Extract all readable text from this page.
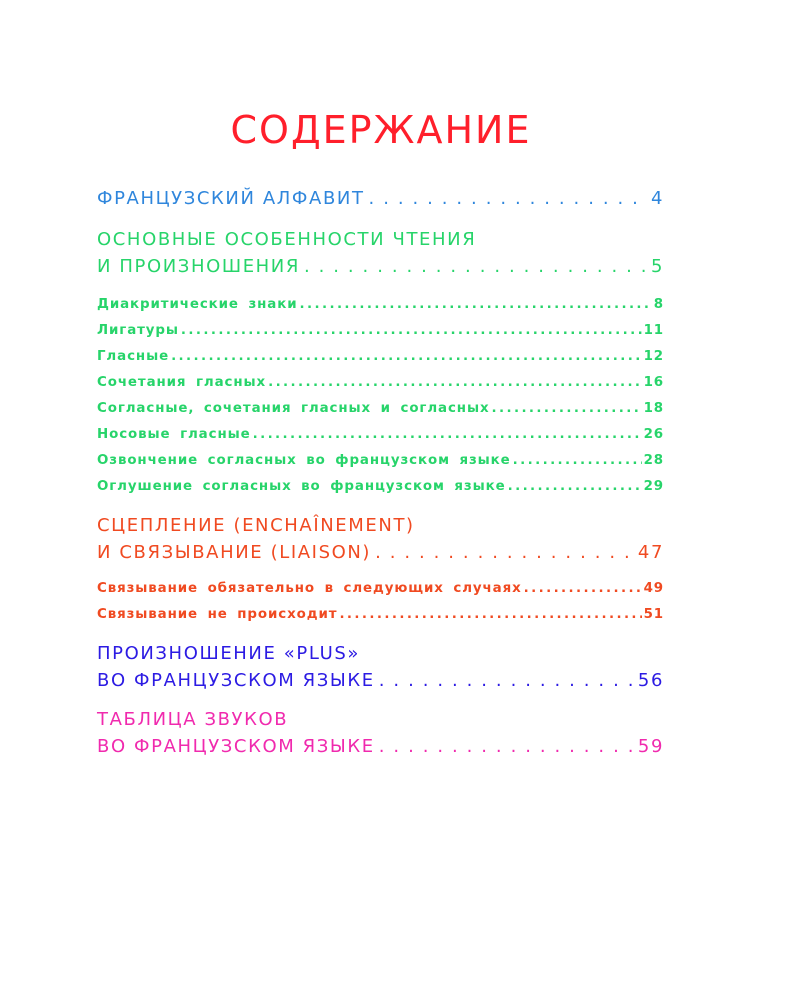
СОДЕРЖАНИЕ
ФРАНЦУЗСКИЙ АЛФАВИТ . . .	4
ОСНОВНЫЕ ОСОБЕННОСТИ ЧТЕНИЯ
И ПРОИЗНОШЕНИЯ . . .	5
Диакритические знаки .....	8
Лигатуры .....	11
Гласные .....	12
Сочетания гласных .....	16
Согласные, сочетания гласных и согласных .....	18
Носовые гласные .....	26
Озвончение согласных во французском языке .....	28
Оглушение согласных во французском языке .....	29
СЦЕПЛЕНИЕ (ENCHAÎNEMENT)
И СВЯЗЫВАНИЕ (LIAISON) . . .	47
Связывание обязательно в следующих случаях .....	49
Связывание не происходит .....	51
ПРОИЗНОШЕНИЕ «PLUS»
ВО ФРАНЦУЗСКОМ ЯЗЫКЕ . . .	56
ТАБЛИЦА ЗВУКОВ
ВО ФРАНЦУЗСКОМ ЯЗЫКЕ . . .	59
